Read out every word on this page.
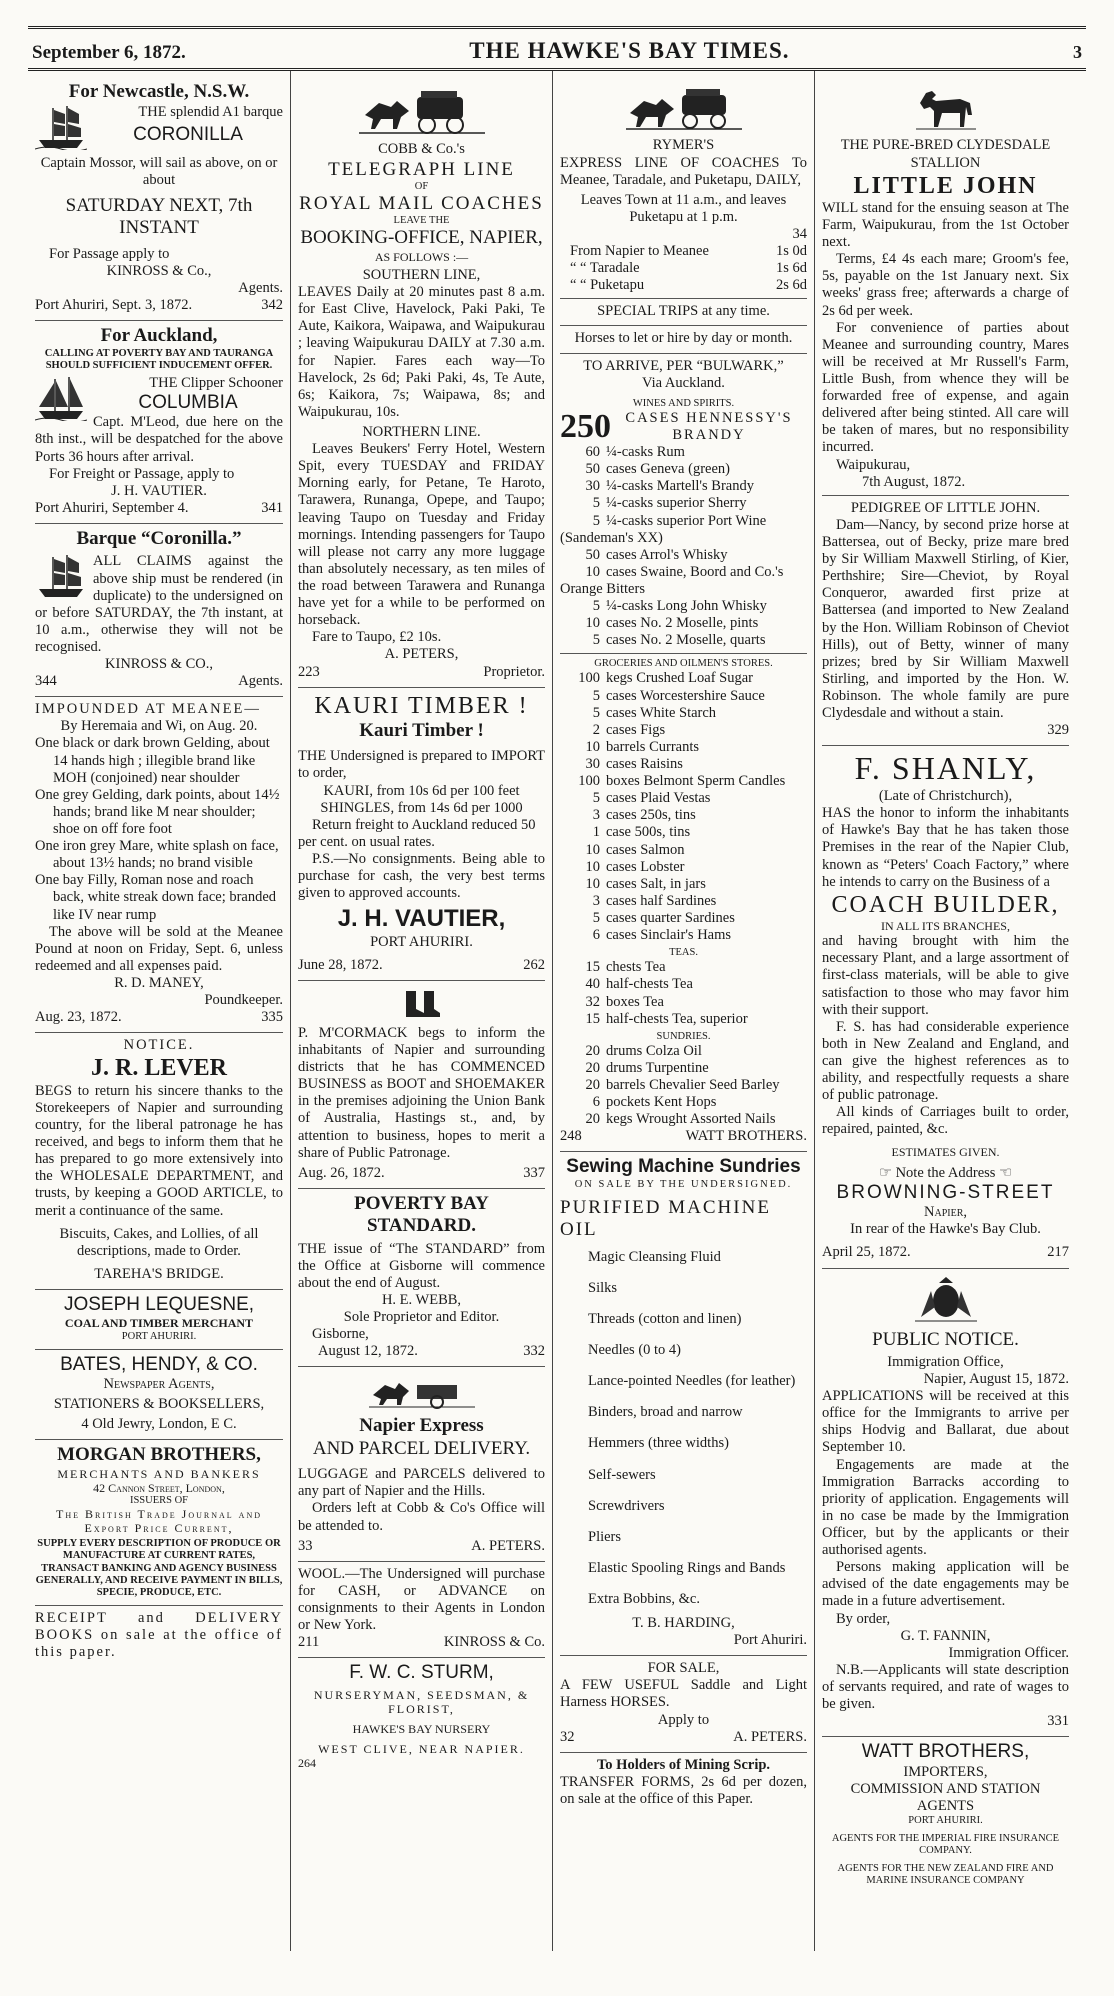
September 6, 1872.	THE HAWKE'S BAY TIMES.	3
For Newcastle, N.S.W.
THE splendid A1 barque
CORONILLA
Captain Mossor, will sail as above, on or about
SATURDAY NEXT, 7th INSTANT
For Passage apply to
KINROSS & Co.,
Agents.
Port Ahuriri, Sept. 3, 1872.	342
For Auckland,
CALLING AT POVERTY BAY AND TAURANGA SHOULD SUFFICIENT INDUCEMENT OFFER.
THE Clipper Schooner
COLUMBIA
Capt. M'Leod, due here on the 8th inst., will be despatched for the above Ports 36 hours after arrival.
For Freight or Passage, apply to
J. H. VAUTIER.
Port Ahuriri, September 4.	341
Barque “Coronilla.”
ALL CLAIMS against the above ship must be rendered (in duplicate) to the undersigned on or before SATURDAY, the 7th instant, at 10 a.m., otherwise they will not be recognised.
KINROSS & CO.,
344	Agents.
IMPOUNDED AT MEANEE—
By Heremaia and Wi, on Aug. 20.
One black or dark brown Gelding, about 14 hands high ; illegible brand like MOH (conjoined) near shoulder
One grey Gelding, dark points, about 14½ hands; brand like M near shoulder; shoe on off fore foot
One iron grey Mare, white splash on face, about 13½ hands; no brand visible
One bay Filly, Roman nose and roach back, white streak down face; branded like IV near rump
The above will be sold at the Meanee Pound at noon on Friday, Sept. 6, unless redeemed and all expenses paid.
R. D. MANEY,
Poundkeeper.
Aug. 23, 1872.	335
NOTICE.
J. R. LEVER
BEGS to return his sincere thanks to the Storekeepers of Napier and surrounding country, for the liberal patronage he has received, and begs to inform them that he has prepared to go more extensively into the WHOLESALE DEPARTMENT, and trusts, by keeping a GOOD ARTICLE, to merit a continuance of the same.
Biscuits, Cakes, and Lollies, of all descriptions, made to Order.
TAREHA'S BRIDGE.
JOSEPH LEQUESNE,
COAL AND TIMBER MERCHANT
PORT AHURIRI.
BATES, HENDY, & CO.
Newspaper Agents,
STATIONERS & BOOKSELLERS,
4 Old Jewry, London, E C.
MORGAN BROTHERS,
MERCHANTS AND BANKERS
42 Cannon Street, London,
ISSUERS OF
The British Trade Journal and Export Price Current,
SUPPLY EVERY DESCRIPTION OF PRODUCE OR MANUFACTURE AT CURRENT RATES, TRANSACT BANKING AND AGENCY BUSINESS GENERALLY, AND RECEIVE PAYMENT IN BILLS, SPECIE, PRODUCE, ETC.
RECEIPT and DELIVERY BOOKS on sale at the office of this paper.
COBB & Co.'s
TELEGRAPH LINE
OF
ROYAL MAIL COACHES
LEAVE THE
BOOKING-OFFICE, NAPIER,
AS FOLLOWS :—
SOUTHERN LINE,
LEAVES Daily at 20 minutes past 8 a.m. for East Clive, Havelock, Paki Paki, Te Aute, Kaikora, Waipawa, and Waipukurau ; leaving Waipukurau DAILY at 7.30 a.m. for Napier. Fares each way—To Havelock, 2s 6d; Paki Paki, 4s, Te Aute, 6s; Kaikora, 7s; Waipawa, 8s; and Waipukurau, 10s.
NORTHERN LINE.
Leaves Beukers' Ferry Hotel, Western Spit, every TUESDAY and FRIDAY Morning early, for Petane, Te Haroto, Tarawera, Runanga, Opepe, and Taupo; leaving Taupo on Tuesday and Friday mornings. Intending passengers for Taupo will please not carry any more luggage than absolutely necessary, as ten miles of the road between Tarawera and Runanga have yet for a while to be performed on horseback.
Fare to Taupo, £2 10s.
A. PETERS,
223	Proprietor.
KAURI TIMBER !
Kauri Timber !
THE Undersigned is prepared to IMPORT to order,
KAURI, from 10s 6d per 100 feet
SHINGLES, from 14s 6d per 1000
Return freight to Auckland reduced 50 per cent. on usual rates.
P.S.—No consignments. Being able to purchase for cash, the very best terms given to approved accounts.
J. H. VAUTIER,
PORT AHURIRI.
June 28, 1872.	262
P. M'CORMACK begs to inform the inhabitants of Napier and surrounding districts that he has COMMENCED BUSINESS as BOOT and SHOEMAKER in the premises adjoining the Union Bank of Australia, Hastings st., and, by attention to business, hopes to merit a share of Public Patronage.
Aug. 26, 1872.	337
POVERTY BAY STANDARD.
THE issue of “The STANDARD” from the Office at Gisborne will commence about the end of August.
H. E. WEBB,
Sole Proprietor and Editor.
Gisborne,
August 12, 1872.	332
Napier Express
AND PARCEL DELIVERY.
LUGGAGE and PARCELS delivered to any part of Napier and the Hills.
Orders left at Cobb & Co's Office will be attended to.
33	A. PETERS.
WOOL.—The Undersigned will purchase for CASH, or ADVANCE on consignments to their Agents in London or New York.
211	KINROSS & Co.
F. W. C. STURM,
NURSERYMAN, SEEDSMAN, & FLORIST,
HAWKE'S BAY NURSERY
WEST CLIVE, NEAR NAPIER.
264
RYMER'S
EXPRESS LINE OF COACHES To Meanee, Taradale, and Puketapu, DAILY,
Leaves Town at 11 a.m., and leaves Puketapu at 1 p.m.
34
From Napier to Meanee	1s 0d
“ “ Taradale	1s 6d
“ “ Puketapu	2s 6d
SPECIAL TRIPS at any time.
Horses to let or hire by day or month.
TO ARRIVE, PER “BULWARK,”
Via Auckland.
WINES AND SPIRITS.
250 CASES HENNESSY'S BRANDY
60 ¼-casks Rum
50 cases Geneva (green)
30 ¼-casks Martell's Brandy
5 ¼-casks superior Sherry
5 ¼-casks superior Port Wine (Sandeman's XX)
50 cases Arrol's Whisky
10 cases Swaine, Boord and Co.'s Orange Bitters
5 ¼-casks Long John Whisky
10 cases No. 2 Moselle, pints
5 cases No. 2 Moselle, quarts
GROCERIES AND OILMEN'S STORES.
100 kegs Crushed Loaf Sugar
5 cases Worcestershire Sauce
5 cases White Starch
2 cases Figs
10 barrels Currants
30 cases Raisins
100 boxes Belmont Sperm Candles
5 cases Plaid Vestas
3 cases 250s, tins
1 case 500s, tins
10 cases Salmon
10 cases Lobster
10 cases Salt, in jars
3 cases half Sardines
5 cases quarter Sardines
6 cases Sinclair's Hams
TEAS.
15 chests Tea
40 half-chests Tea
32 boxes Tea
15 half-chests Tea, superior
SUNDRIES.
20 drums Colza Oil
20 drums Turpentine
20 barrels Chevalier Seed Barley
6 pockets Kent Hops
20 kegs Wrought Assorted Nails
248	WATT BROTHERS.
Sewing Machine Sundries
ON SALE BY THE UNDERSIGNED.
PURIFIED MACHINE OIL
Magic Cleansing Fluid
Silks
Threads (cotton and linen)
Needles (0 to 4)
Lance-pointed Needles (for leather)
Binders, broad and narrow
Hemmers (three widths)
Self-sewers
Screwdrivers
Pliers
Elastic Spooling Rings and Bands
Extra Bobbins, &c.
T. B. HARDING,
Port Ahuriri.
FOR SALE,
A FEW USEFUL Saddle and Light Harness HORSES.
Apply to
32	A. PETERS.
To Holders of Mining Scrip.
TRANSFER FORMS, 2s 6d per dozen, on sale at the office of this Paper.
THE PURE-BRED CLYDESDALE STALLION
LITTLE JOHN
WILL stand for the ensuing season at The Farm, Waipukurau, from the 1st October next.
Terms, £4 4s each mare; Groom's fee, 5s, payable on the 1st January next. Six weeks' grass free; afterwards a charge of 2s 6d per week.
For convenience of parties about Meanee and surrounding country, Mares will be received at Mr Russell's Farm, Little Bush, from whence they will be forwarded free of expense, and again delivered after being stinted. All care will be taken of mares, but no responsibility incurred.
Waipukurau,
7th August, 1872.
PEDIGREE OF LITTLE JOHN.
Dam—Nancy, by second prize horse at Battersea, out of Becky, prize mare bred by Sir William Maxwell Stirling, of Kier, Perthshire; Sire—Cheviot, by Royal Conqueror, awarded first prize at Battersea (and imported to New Zealand by the Hon. William Robinson of Cheviot Hills), out of Betty, winner of many prizes; bred by Sir William Maxwell Stirling, and imported by the Hon. W. Robinson. The whole family are pure Clydesdale and without a stain.
329
F. SHANLY,
(Late of Christchurch),
HAS the honor to inform the inhabitants of Hawke's Bay that he has taken those Premises in the rear of the Napier Club, known as “Peters' Coach Factory,” where he intends to carry on the Business of a
COACH BUILDER,
IN ALL ITS BRANCHES,
and having brought with him the necessary Plant, and a large assortment of first-class materials, will be able to give satisfaction to those who may favor him with their support.
F. S. has had considerable experience both in New Zealand and England, and can give the highest references as to ability, and respectfully requests a share of public patronage.
All kinds of Carriages built to order, repaired, painted, &c.
ESTIMATES GIVEN.
☞ Note the Address ☜
BROWNING-STREET
Napier,
In rear of the Hawke's Bay Club.
April 25, 1872.	217
PUBLIC NOTICE.
Immigration Office,
Napier, August 15, 1872.
APPLICATIONS will be received at this office for the Immigrants to arrive per ships Hodvig and Ballarat, due about September 10.
Engagements are made at the Immigration Barracks according to priority of application. Engagements will in no case be made by the Immigration Officer, but by the applicants or their authorised agents.
Persons making application will be advised of the date engagements may be made in a future advertisement.
By order,
G. T. FANNIN,
Immigration Officer.
N.B.—Applicants will state description of servants required, and rate of wages to be given.
331
WATT BROTHERS,
IMPORTERS,
COMMISSION AND STATION AGENTS
PORT AHURIRI.
AGENTS FOR THE IMPERIAL FIRE INSURANCE COMPANY.
AGENTS FOR THE NEW ZEALAND FIRE AND MARINE INSURANCE COMPANY
